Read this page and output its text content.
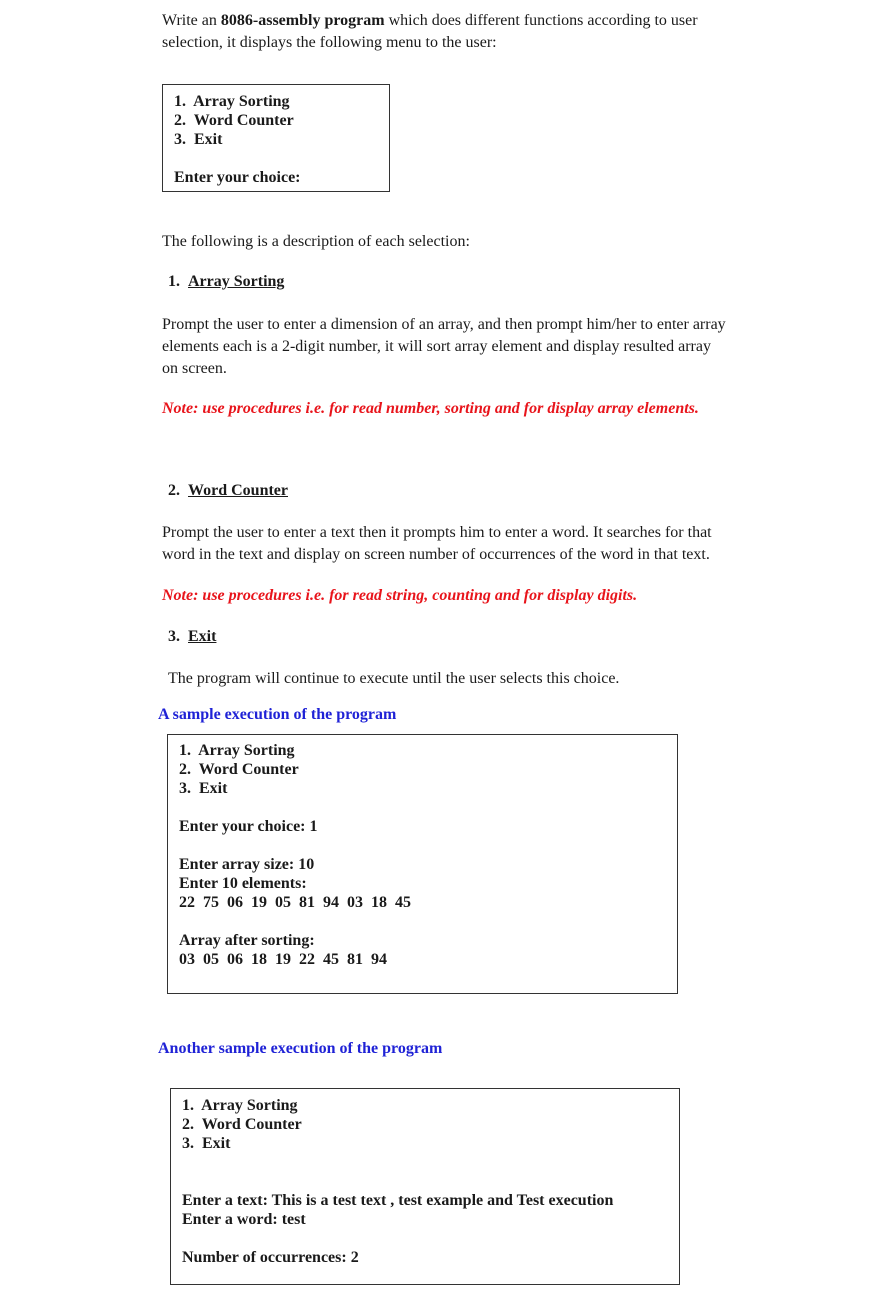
Write an 8086-assembly program which does different functions according to user
selection, it displays the following menu to the user:
1.  Array Sorting
2.  Word Counter
3.  Exit
Enter your choice:
The following is a description of each selection:
1. Array Sorting
Prompt the user to enter a dimension of an array, and then prompt him/her to enter array
elements each is a 2-digit number, it will sort array element and display resulted array
on screen.
Note: use procedures i.e. for read number, sorting and for display array elements.
2. Word Counter
Prompt the user to enter a text then it prompts him to enter a word. It searches for that
word in the text and display on screen number of occurrences of the word in that text.
Note: use procedures i.e. for read string, counting and for display digits.
3. Exit
The program will continue to execute until the user selects this choice.
A sample execution of the program
1.  Array Sorting
2.  Word Counter
3.  Exit
Enter your choice: 1
Enter array size: 10
Enter 10 elements:
22  75  06  19  05  81  94  03  18  45
Array after sorting:
03  05  06  18  19  22  45  81  94
Another sample execution of the program
1.  Array Sorting
2.  Word Counter
3.  Exit
Enter a text: This is a test text , test example and Test execution
Enter a word: test
Number of occurrences: 2
